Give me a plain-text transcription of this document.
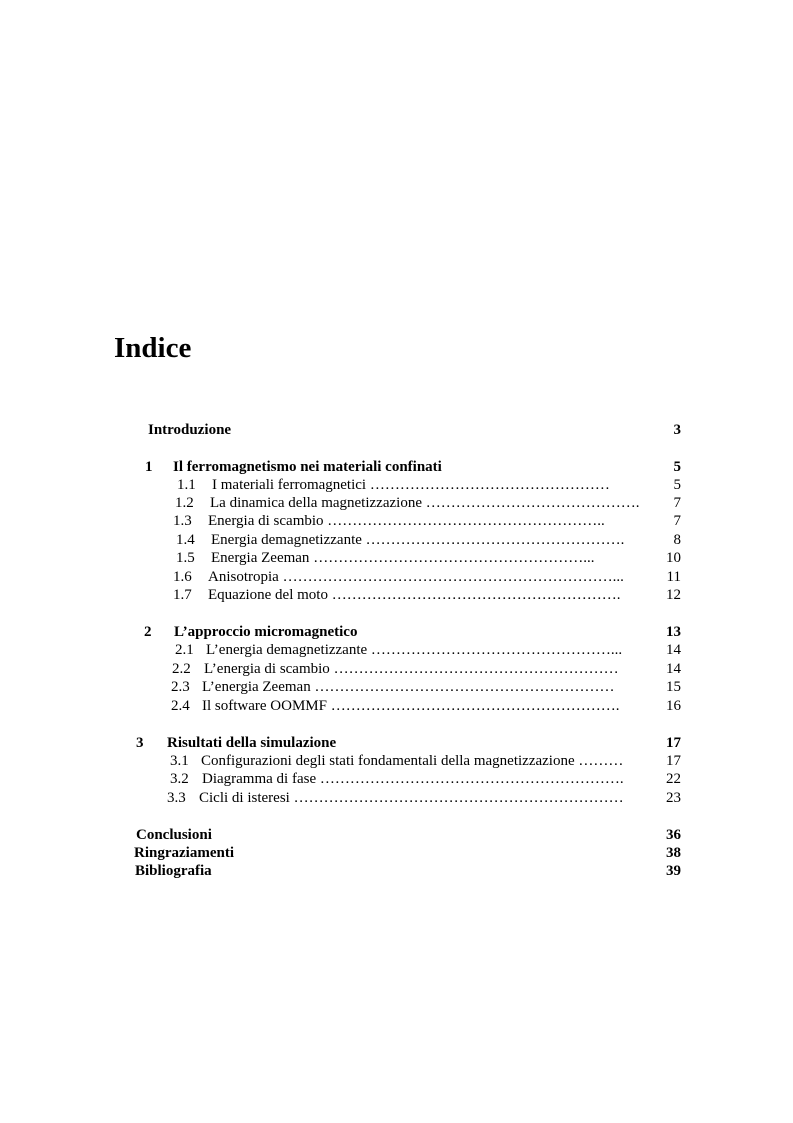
Indice
Introduzione	3
1 Il ferromagnetismo nei materiali confinati	5
1.1 I materiali ferromagnetici …………………………………………	5
1.2 La dinamica della magnetizzazione ……………………………………. 7
1.3 Energia di scambio ………………………………………………..	7
1.4 Energia demagnetizzante …………………………………………….	8
1.5 Energia Zeeman ………………………………………………...	10
1.6 Anisotropia …………………………………………………………...	11
1.7 Equazione del moto ………………………………………………….	12
2 L’approccio micromagnetico	13
2.1 L’energia demagnetizzante …………………………………………...	14
2.2 L’energia di scambio …………………………………………………	14
2.3 L’energia Zeeman ……………………………………………………	15
2.4 Il software OOMMF ………………………………………………….	16
3 Risultati della simulazione	17
3.1 Configurazioni degli stati fondamentali della magnetizzazione ………	17
3.2 Diagramma di fase …………………………………………………….	22
3.3 Cicli di isteresi …………………………………………………………	23
Conclusioni	36
Ringraziamenti	38
Bibliografia	39
